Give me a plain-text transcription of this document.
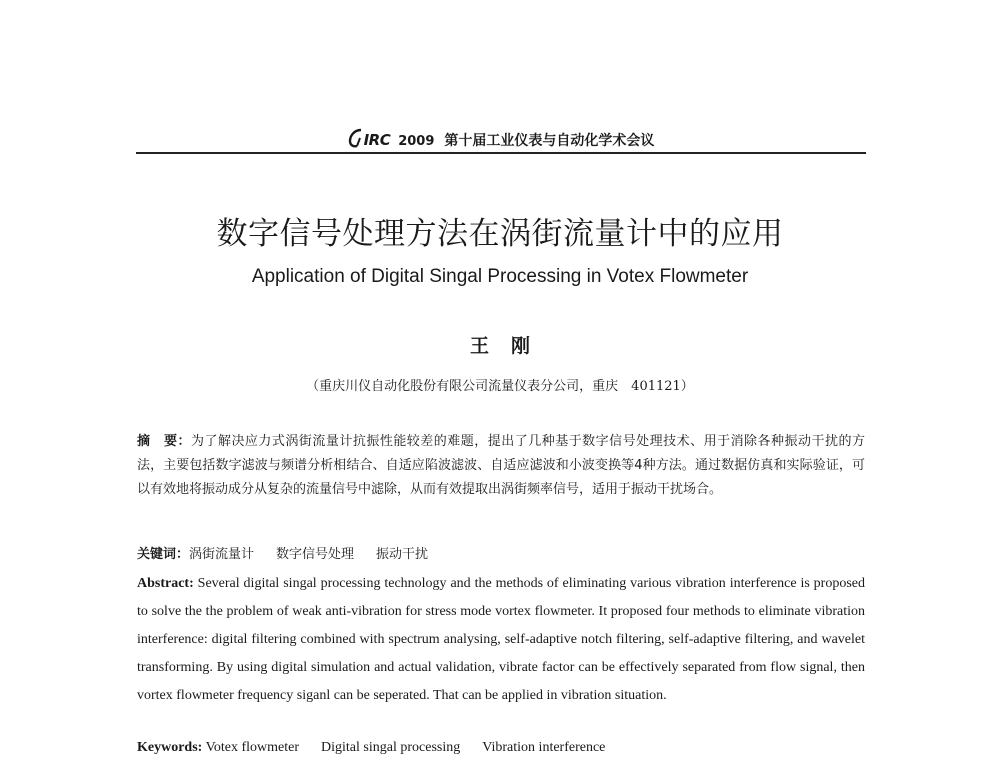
IRC 2009 第十届工业仪表与自动化学术会议
数字信号处理方法在涡街流量计中的应用
Application of Digital Singal Processing in Votex Flowmeter
王刚
（重庆川仪自动化股份有限公司流量仪表分公司，重庆　401121）
摘　要：为了解决应力式涡街流量计抗振性能较差的难题，提出了几种基于数字信号处理技术、用于消除各种振动干扰的方法，主要包括数字滤波与频谱分析相结合、自适应陷波滤波、自适应滤波和小波变换等4种方法。通过数据仿真和实际验证，可以有效地将振动成分从复杂的流量信号中滤除，从而有效提取出涡街频率信号，适用于振动干扰场合。
关键词：涡街流量计 数字信号处理 振动干扰
Abstract: Several digital singal processing technology and the methods of eliminating various vibration interference is proposed to solve the the problem of weak anti-vibration for stress mode vortex flowmeter. It proposed four methods to eliminate vibration interference: digital filtering combined with spectrum analysing, self-adaptive notch filtering, self-adaptive filtering, and wavelet transforming. By using digital simulation and actual validation, vibrate factor can be effectively separated from flow signal, then vortex flowmeter frequency siganl can be seperated. That can be applied in vibration situation.
Keywords: Votex flowmeter Digital singal processing Vibration interference
